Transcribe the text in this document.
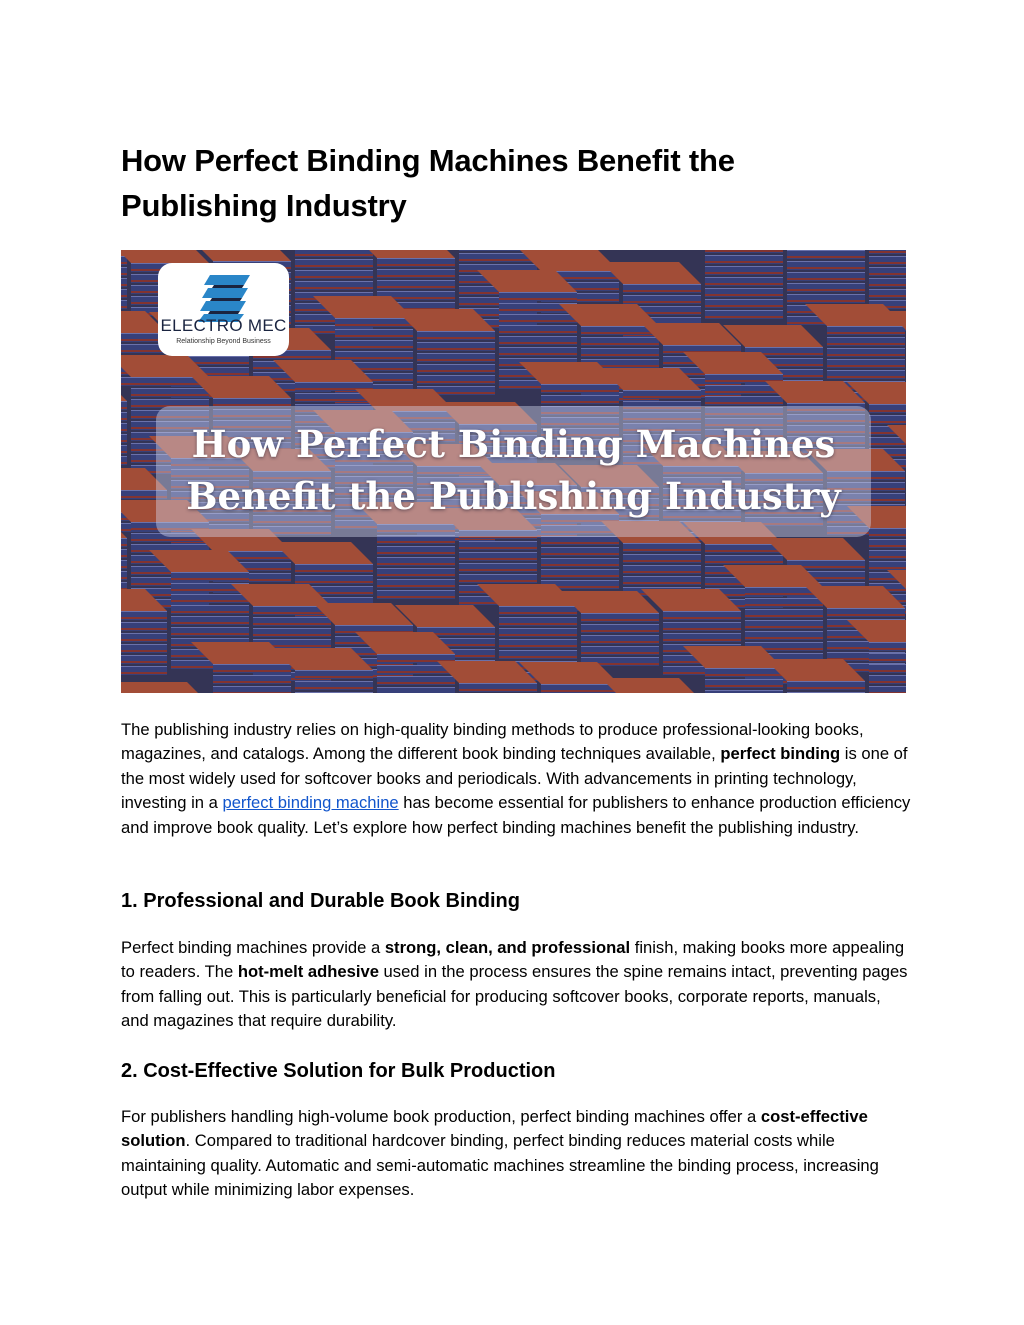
How Perfect Binding Machines Benefit the
Publishing Industry
ELECTRO MEC
Relationship Beyond Business
How Perfect Binding Machines
Benefit the Publishing Industry

The publishing industry relies on high-quality binding methods to produce professional-looking books, magazines, and catalogs. Among the different book binding techniques available, perfect binding is one of the most widely used for softcover books and periodicals. With advancements in printing technology, investing in a perfect binding machine has become essential for publishers to enhance production efficiency and improve book quality. Let’s explore how perfect binding machines benefit the publishing industry.

1. Professional and Durable Book Binding

Perfect binding machines provide a strong, clean, and professional finish, making books more appealing to readers. The hot-melt adhesive used in the process ensures the spine remains intact, preventing pages from falling out. This is particularly beneficial for producing softcover books, corporate reports, manuals, and magazines that require durability.

2. Cost-Effective Solution for Bulk Production

For publishers handling high-volume book production, perfect binding machines offer a cost-effective solution. Compared to traditional hardcover binding, perfect binding reduces material costs while maintaining quality. Automatic and semi-automatic machines streamline the binding process, increasing output while minimizing labor expenses.
